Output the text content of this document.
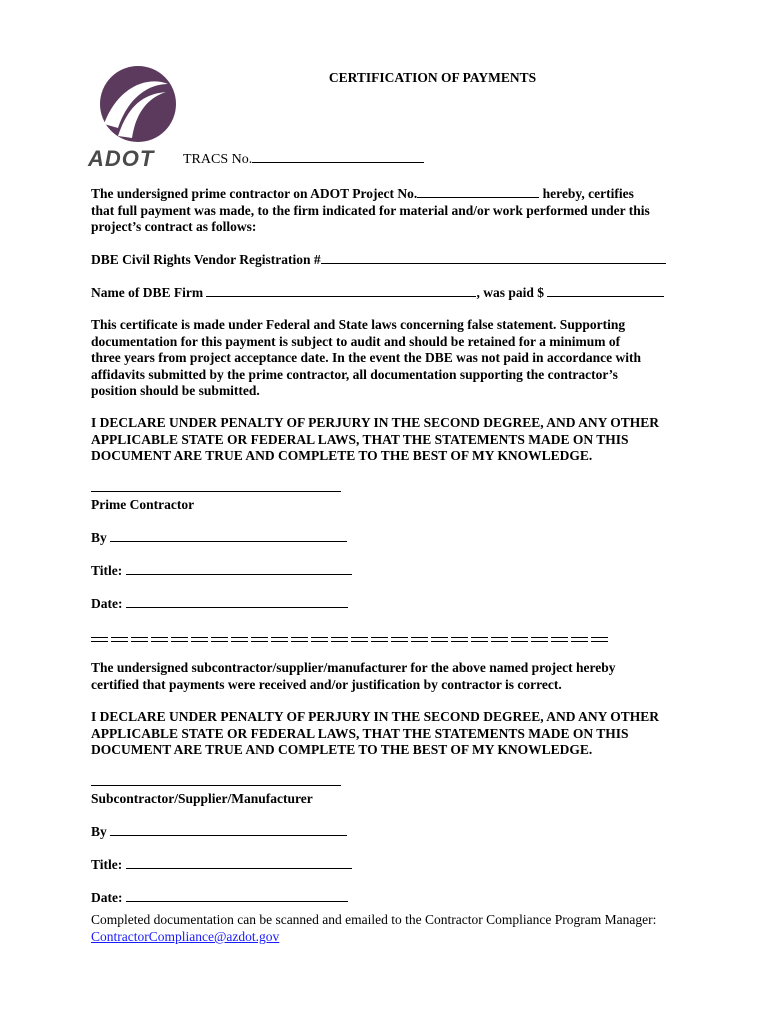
ADOT
CERTIFICATION OF PAYMENTS
TRACS No.
The undersigned prime contractor on ADOT Project No.	hereby, certifies
that full payment was made, to the firm indicated for material and/or work performed under this
project’s contract as follows:
DBE Civil Rights Vendor Registration #
Name of DBE Firm	, was paid $
This certificate is made under Federal and State laws concerning false statement. Supporting
documentation for this payment is subject to audit and should be retained for a minimum of
three years from project acceptance date. In the event the DBE was not paid in accordance with
affidavits submitted by the prime contractor, all documentation supporting the contractor’s
position should be submitted.
I DECLARE UNDER PENALTY OF PERJURY IN THE SECOND DEGREE, AND ANY OTHER
APPLICABLE STATE OR FEDERAL LAWS, THAT THE STATEMENTS MADE ON THIS
DOCUMENT ARE TRUE AND COMPLETE TO THE BEST OF MY KNOWLEDGE.
Prime Contractor
By
Title:
Date:
The undersigned subcontractor/supplier/manufacturer for the above named project hereby
certified that payments were received and/or justification by contractor is correct.
I DECLARE UNDER PENALTY OF PERJURY IN THE SECOND DEGREE, AND ANY OTHER
APPLICABLE STATE OR FEDERAL LAWS, THAT THE STATEMENTS MADE ON THIS
DOCUMENT ARE TRUE AND COMPLETE TO THE BEST OF MY KNOWLEDGE.
Subcontractor/Supplier/Manufacturer
By
Title:
Date:
Completed documentation can be scanned and emailed to the Contractor Compliance Program Manager:
ContractorCompliance@azdot.gov
